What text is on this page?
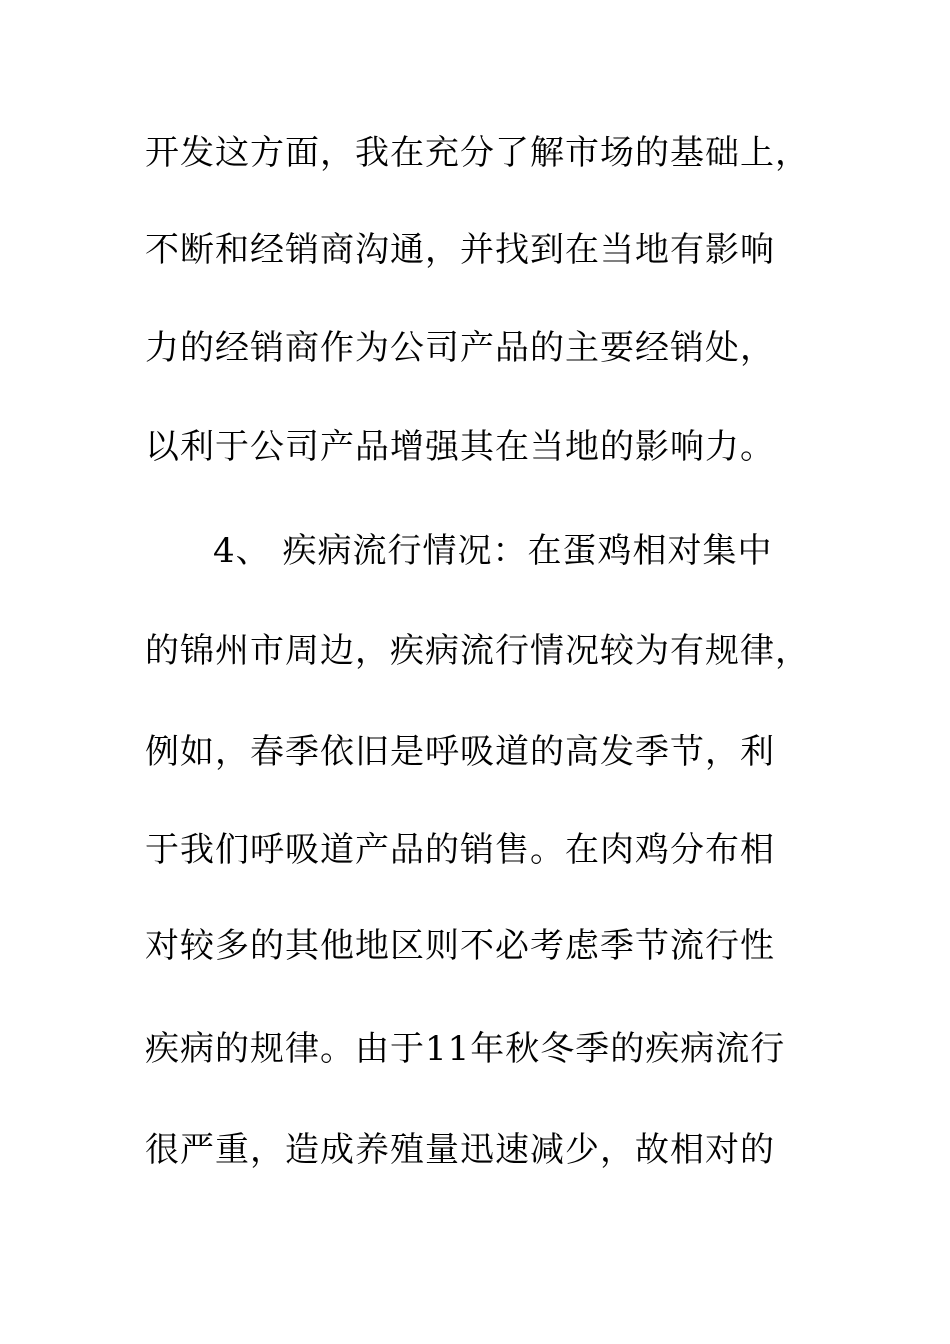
开发这方面，我在充分了解市场的基础上，
不断和经销商沟通，并找到在当地有影响
力的经销商作为公司产品的主要经销处，
以利于公司产品增强其在当地的影响力。
4、 疾病流行情况：在蛋鸡相对集中
的锦州市周边，疾病流行情况较为有规律，
例如，春季依旧是呼吸道的高发季节，利
于我们呼吸道产品的销售。在肉鸡分布相
对较多的其他地区则不必考虑季节流行性
疾病的规律。由于11年秋冬季的疾病流行
很严重，造成养殖量迅速减少，故相对的
